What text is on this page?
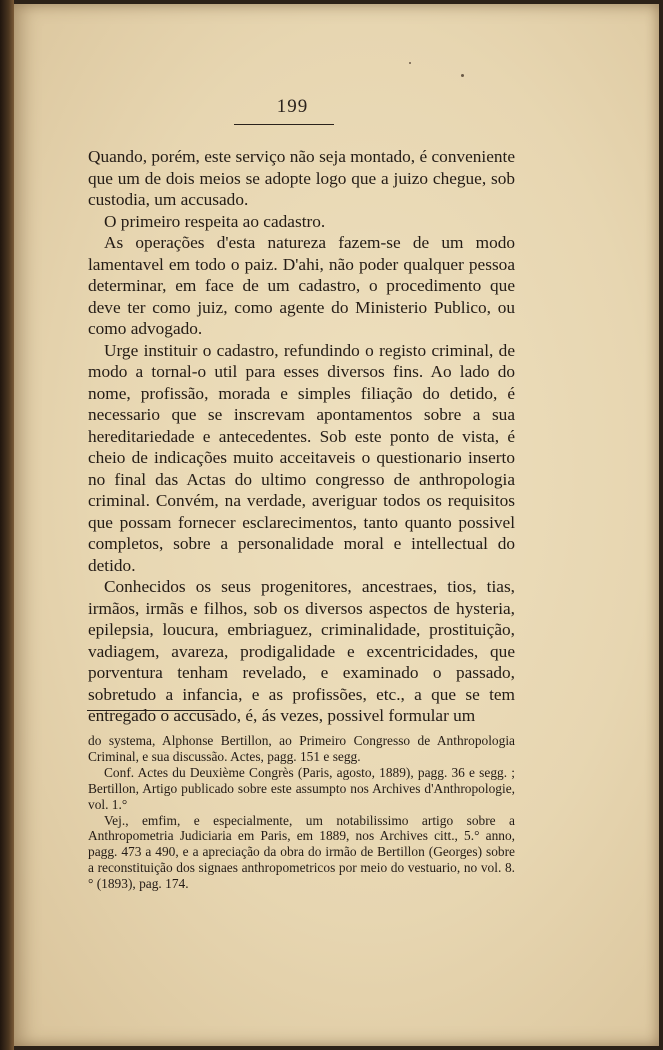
199

Quando, porém, este serviço não seja montado, é conveniente que um de dois meios se adopte logo que a juizo chegue, sob custodia, um accusado.

O primeiro respeita ao cadastro.

As operações d'esta natureza fazem-se de um modo lamentavel em todo o paiz. D'ahi, não poder qualquer pessoa determinar, em face de um cadastro, o procedimento que deve ter como juiz, como agente do Ministerio Publico, ou como advogado.

Urge instituir o cadastro, refundindo o registo criminal, de modo a tornal-o util para esses diversos fins. Ao lado do nome, profissão, morada e simples filiação do detido, é necessario que se inscrevam apontamentos sobre a sua hereditariedade e antecedentes. Sob este ponto de vista, é cheio de indicações muito acceitaveis o questionario inserto no final das Actas do ultimo congresso de anthropologia criminal. Convém, na verdade, averiguar todos os requisitos que possam fornecer esclarecimentos, tanto quanto possivel completos, sobre a personalidade moral e intellectual do detido.

Conhecidos os seus progenitores, ancestraes, tios, tias, irmãos, irmãs e filhos, sob os diversos aspectos de hysteria, epilepsia, loucura, embriaguez, criminalidade, prostituição, vadiagem, avareza, prodigalidade e excentricidades, que porventura tenham revelado, e examinado o passado, sobretudo a infancia, e as profissões, etc., a que se tem entregado o accusado, é, ás vezes, possivel formular um

do systema, Alphonse Bertillon, ao Primeiro Congresso de Anthropologia Criminal, e sua discussão. Actes, pagg. 151 e segg.

Conf. Actes du Deuxième Congrès (Paris, agosto, 1889), pagg. 36 e segg. ; Bertillon, Artigo publicado sobre este assumpto nos Archives d'Anthropologie, vol. 1.°

Vej., emfim, e especialmente, um notabilissimo artigo sobre a Anthropometria Judiciaria em Paris, em 1889, nos Archives citt., 5.° anno, pagg. 473 a 490, e a apreciação da obra do irmão de Bertillon (Georges) sobre a reconstituição dos signaes anthropometricos por meio do vestuario, no vol. 8.° (1893), pag. 174.
